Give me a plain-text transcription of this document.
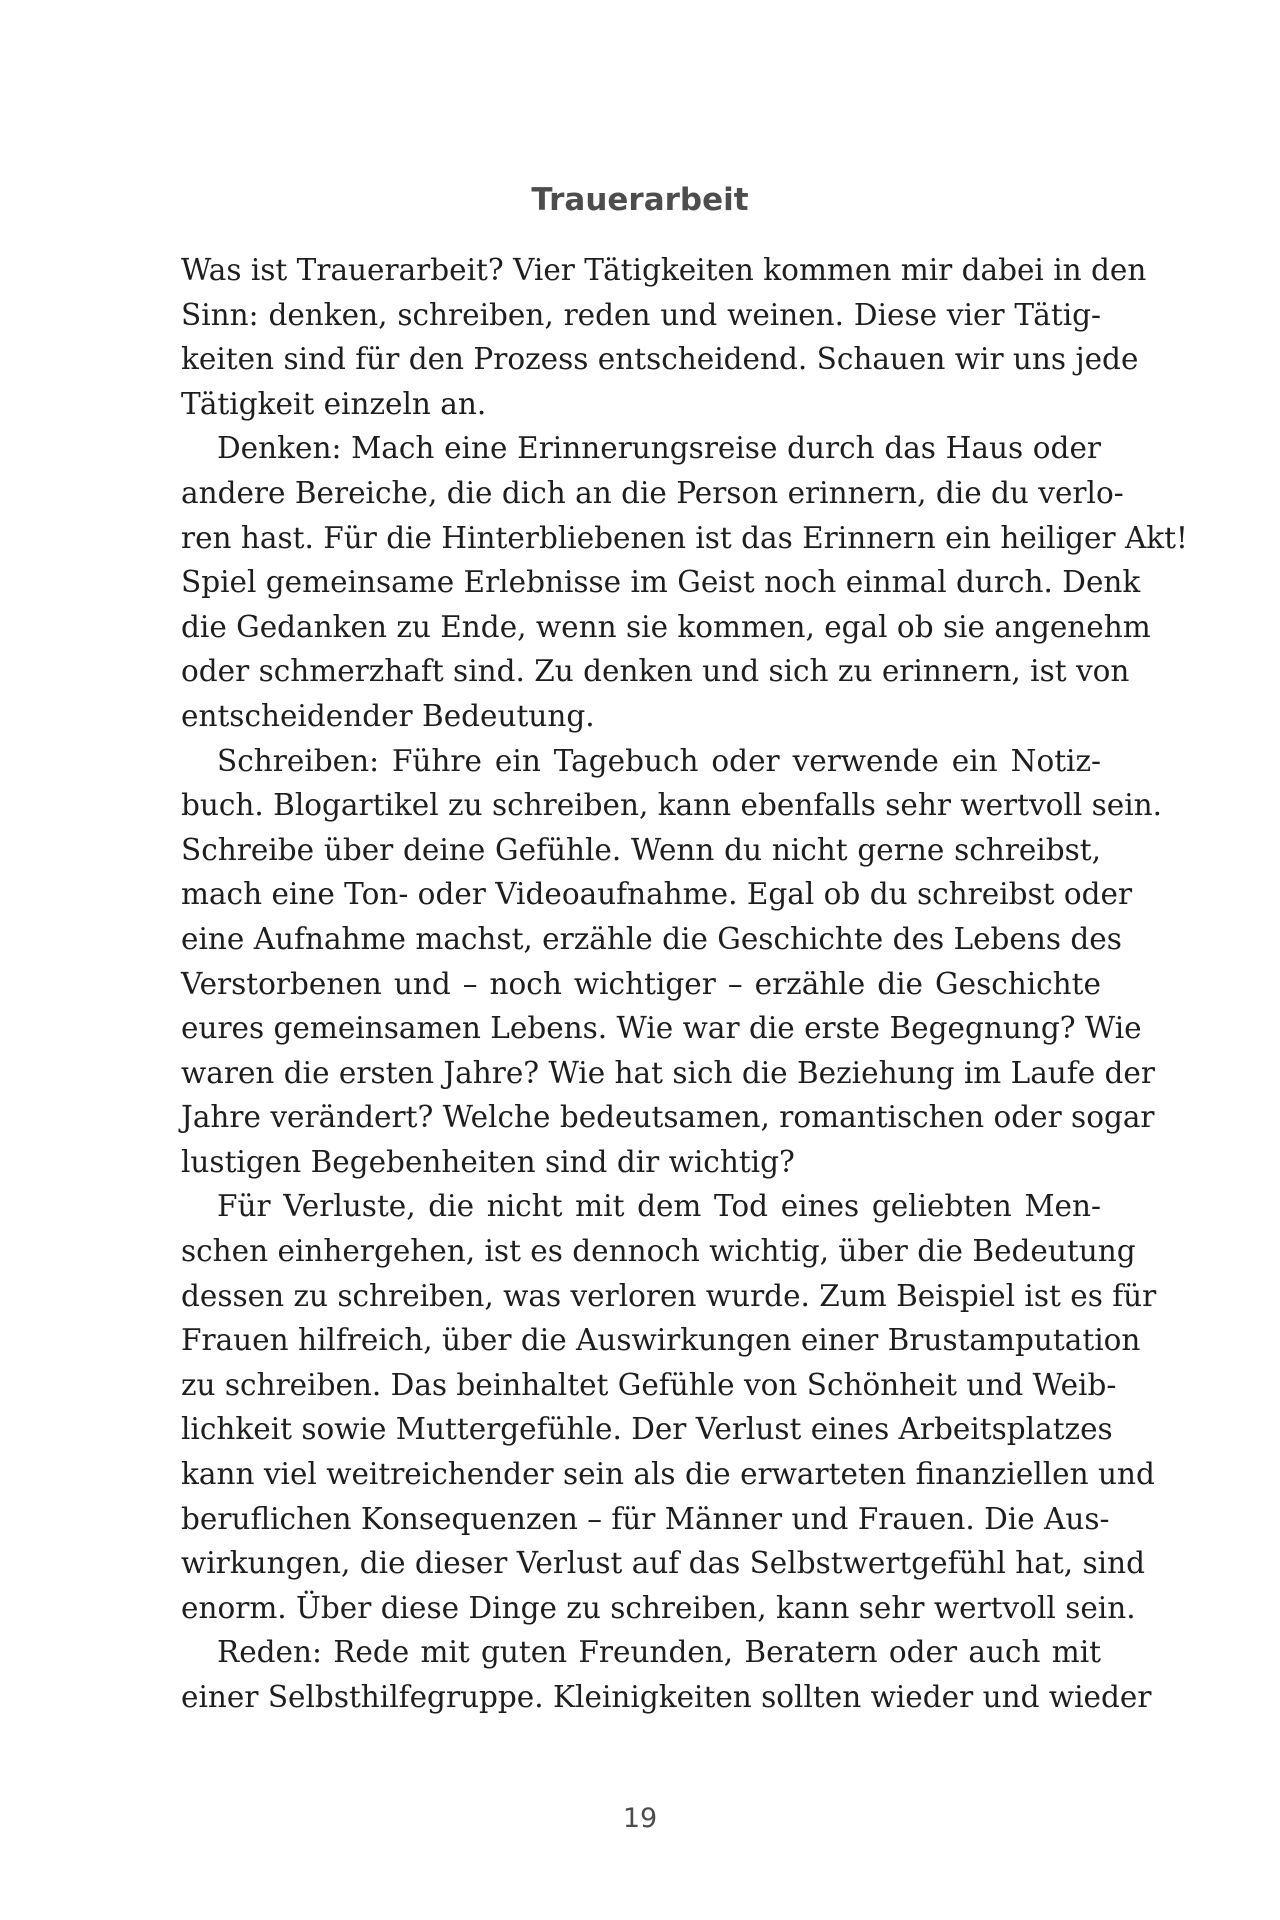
Trauerarbeit

Was ist Trauerarbeit? Vier Tätigkeiten kommen mir dabei in den
Sinn: denken, schreiben, reden und weinen. Diese vier Tätig-
keiten sind für den Prozess entscheidend. Schauen wir uns jede
Tätigkeit einzeln an.

Denken: Mach eine Erinnerungsreise durch das Haus oder
andere Bereiche, die dich an die Person erinnern, die du verlo-
ren hast. Für die Hinterbliebenen ist das Erinnern ein heiliger Akt!
Spiel gemeinsame Erlebnisse im Geist noch einmal durch. Denk
die Gedanken zu Ende, wenn sie kommen, egal ob sie angenehm
oder schmerzhaft sind. Zu denken und sich zu erinnern, ist von
entscheidender Bedeutung.

Schreiben: Führe ein Tagebuch oder verwende ein Notiz-
buch. Blogartikel zu schreiben, kann ebenfalls sehr wertvoll sein.
Schreibe über deine Gefühle. Wenn du nicht gerne schreibst,
mach eine Ton- oder Videoaufnahme. Egal ob du schreibst oder
eine Aufnahme machst, erzähle die Geschichte des Lebens des
Verstorbenen und – noch wichtiger – erzähle die Geschichte
eures gemeinsamen Lebens. Wie war die erste Begegnung? Wie
waren die ersten Jahre? Wie hat sich die Beziehung im Laufe der
Jahre verändert? Welche bedeutsamen, romantischen oder sogar
lustigen Begebenheiten sind dir wichtig?

Für Verluste, die nicht mit dem Tod eines geliebten Men-
schen einhergehen, ist es dennoch wichtig, über die Bedeutung
dessen zu schreiben, was verloren wurde. Zum Beispiel ist es für
Frauen hilfreich, über die Auswirkungen einer Brustamputation
zu schreiben. Das beinhaltet Gefühle von Schönheit und Weib-
lichkeit sowie Muttergefühle. Der Verlust eines Arbeitsplatzes
kann viel weitreichender sein als die erwarteten finanziellen und
beruflichen Konsequenzen – für Männer und Frauen. Die Aus-
wirkungen, die dieser Verlust auf das Selbstwertgefühl hat, sind
enorm. Über diese Dinge zu schreiben, kann sehr wertvoll sein.

Reden: Rede mit guten Freunden, Beratern oder auch mit
einer Selbsthilfegruppe. Kleinigkeiten sollten wieder und wieder

19
